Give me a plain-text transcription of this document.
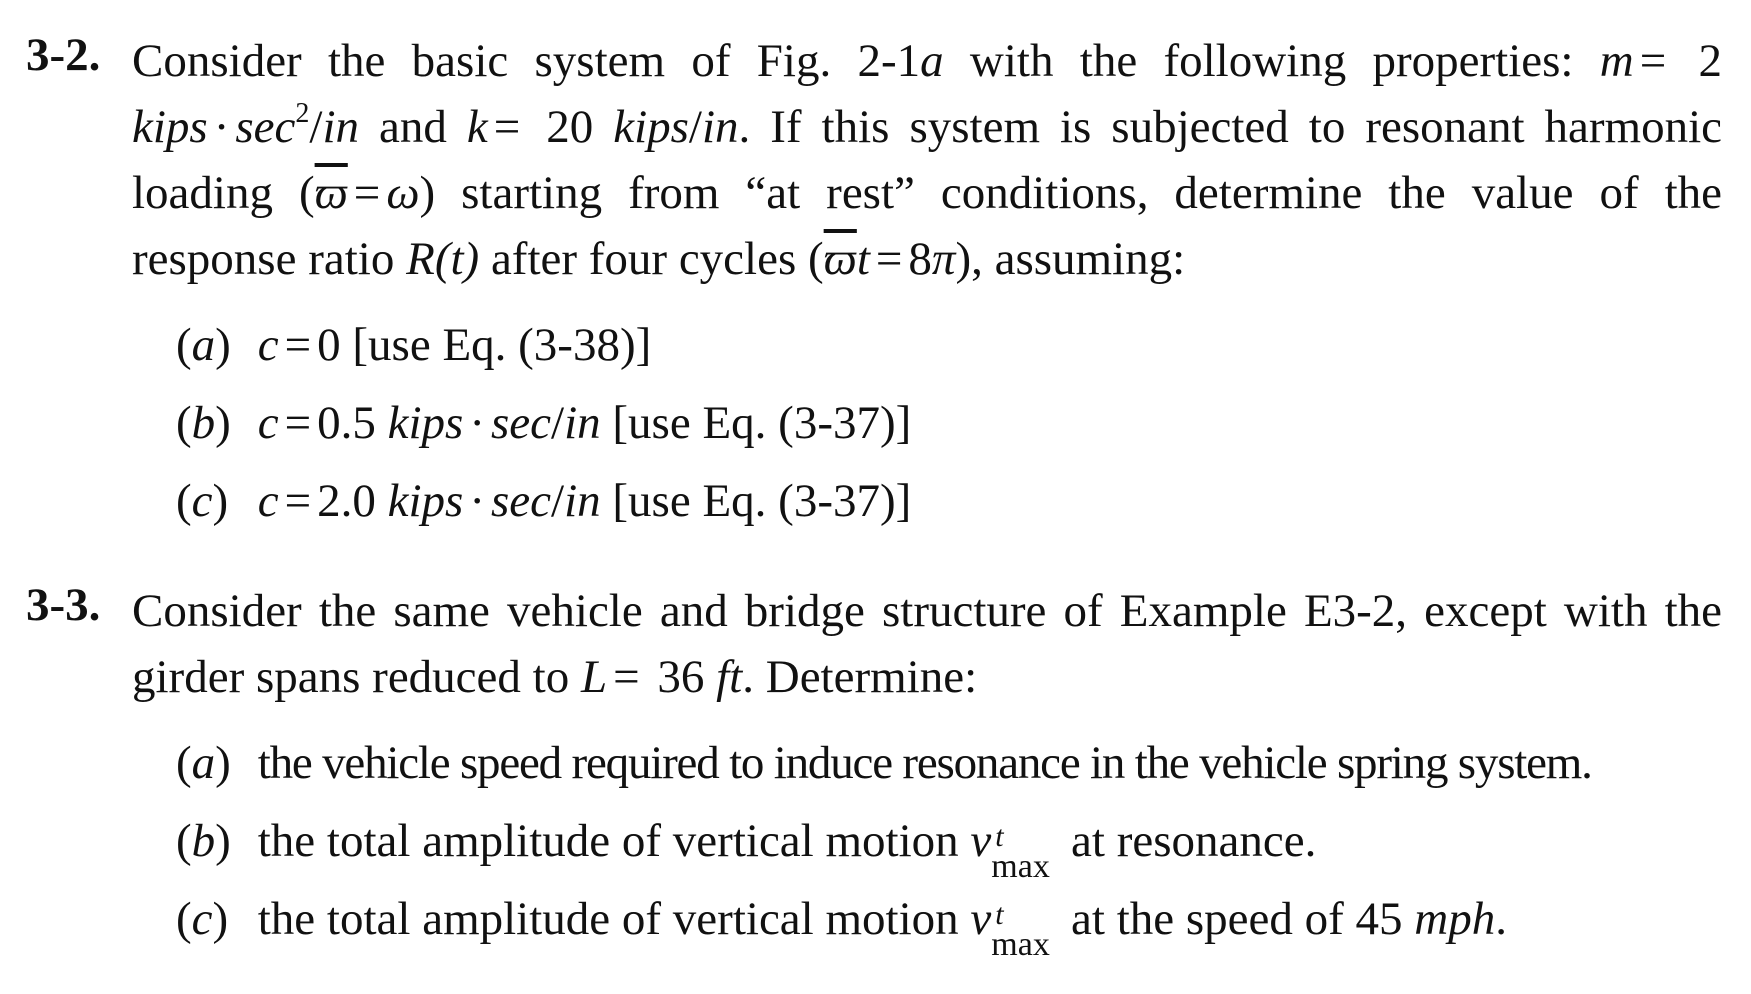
3-2. Consider the basic system of Fig. 2-1a with the following properties: m = 2 kips · $\sec^2/in$ and k = 20 kips/in. If this system is subjected to resonant harmonic loading $(\overline{ϖ} = \omega)$ starting from “at rest” conditions, determine the value of the response ratio R(t) after four cycles $(\overline{ϖ}t = 8\pi)$, assuming:
(a) c = 0 [use Eq. (3-38)]
(b) c = 0.5 kips · sec/in [use Eq. (3-37)]
(c) c = 2.0 kips · sec/in [use Eq. (3-37)]
3-3. Consider the same vehicle and bridge structure of Example E3-2, except with the girder spans reduced to L = 36 ft. Determine:
(a) the vehicle speed required to induce resonance in the vehicle spring system.
(b) the total amplitude of vertical motion v t
max at resonance.
(c) the total amplitude of vertical motion v t
max at the speed of 45 mph.
